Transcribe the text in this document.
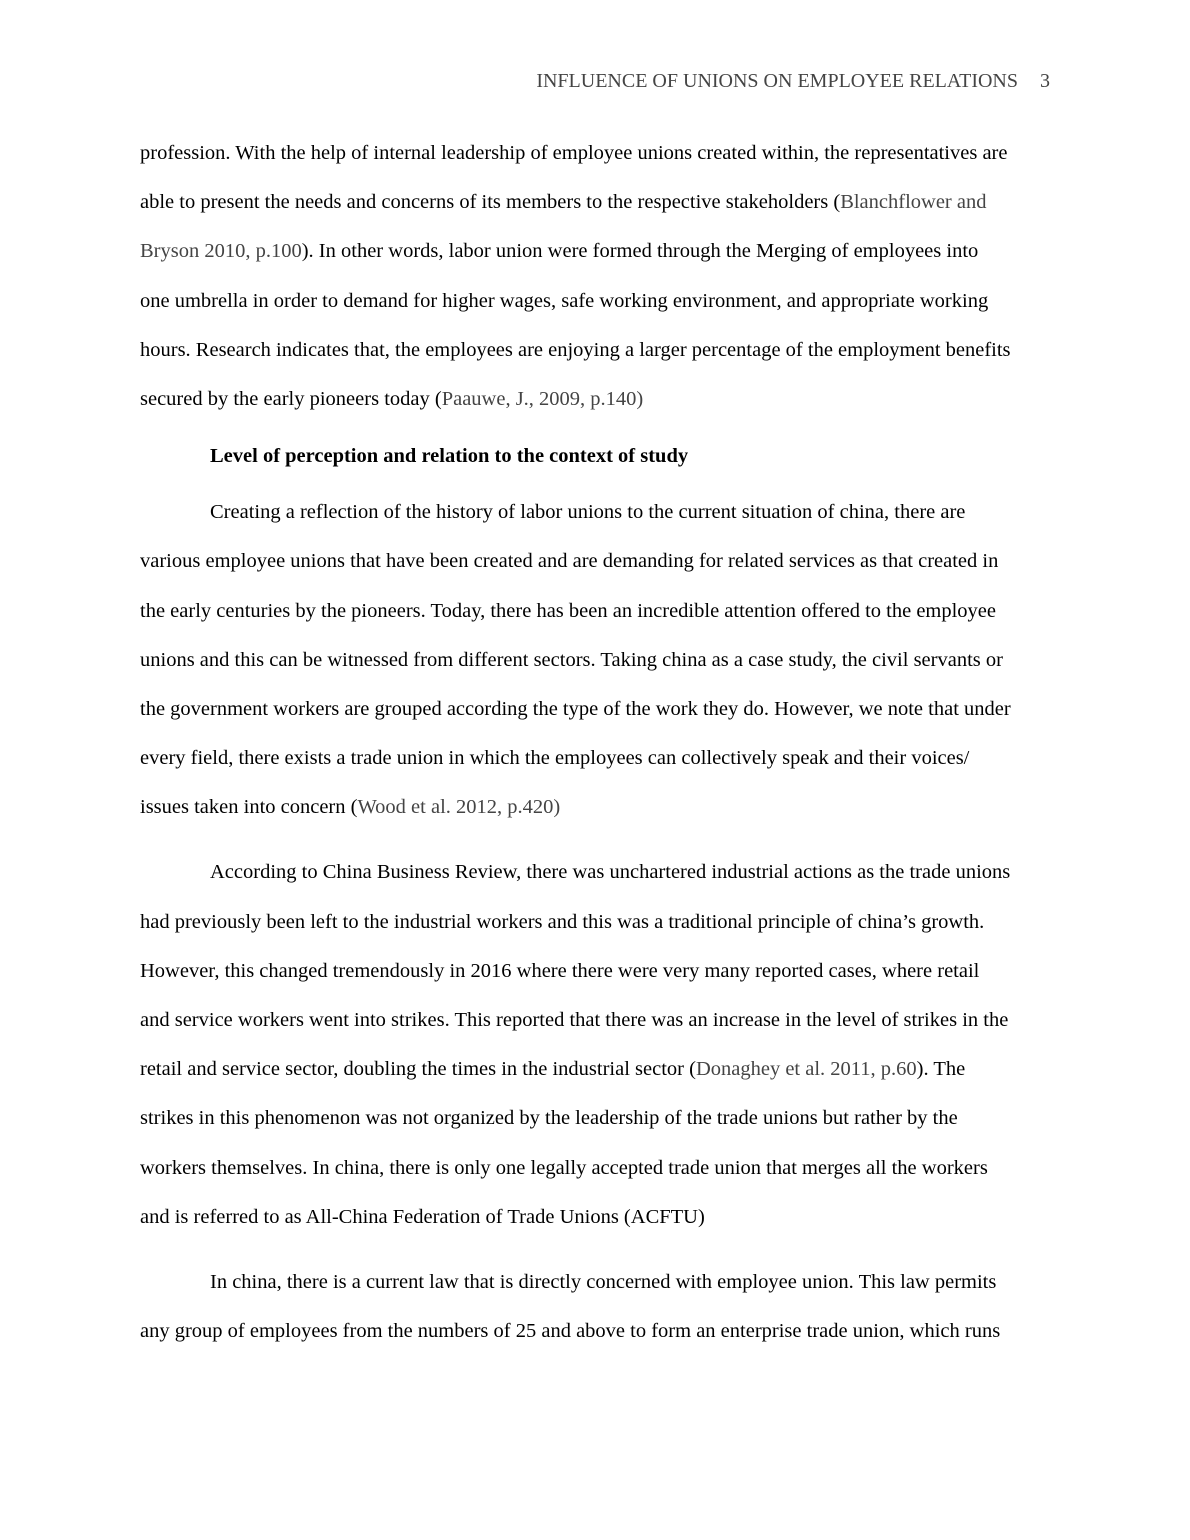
INFLUENCE OF UNIONS ON EMPLOYEE RELATIONS 3
profession. With the help of internal leadership of employee unions created within, the representatives are
able to present the needs and concerns of its members to the respective stakeholders (Blanchflower and
Bryson 2010, p.100). In other words, labor union were formed through the Merging of employees into
one umbrella in order to demand for higher wages, safe working environment, and appropriate working
hours. Research indicates that, the employees are enjoying a larger percentage of the employment benefits
secured by the early pioneers today (Paauwe, J., 2009, p.140)
Level of perception and relation to the context of study
Creating a reflection of the history of labor unions to the current situation of china, there are
various employee unions that have been created and are demanding for related services as that created in
the early centuries by the pioneers. Today, there has been an incredible attention offered to the employee
unions and this can be witnessed from different sectors. Taking china as a case study, the civil servants or
the government workers are grouped according the type of the work they do. However, we note that under
every field, there exists a trade union in which the employees can collectively speak and their voices/
issues taken into concern (Wood et al. 2012, p.420)
According to China Business Review, there was unchartered industrial actions as the trade unions
had previously been left to the industrial workers and this was a traditional principle of china’s growth.
However, this changed tremendously in 2016 where there were very many reported cases, where retail
and service workers went into strikes. This reported that there was an increase in the level of strikes in the
retail and service sector, doubling the times in the industrial sector (Donaghey et al. 2011, p.60). The
strikes in this phenomenon was not organized by the leadership of the trade unions but rather by the
workers themselves. In china, there is only one legally accepted trade union that merges all the workers
and is referred to as All-China Federation of Trade Unions (ACFTU)
In china, there is a current law that is directly concerned with employee union. This law permits
any group of employees from the numbers of 25 and above to form an enterprise trade union, which runs
